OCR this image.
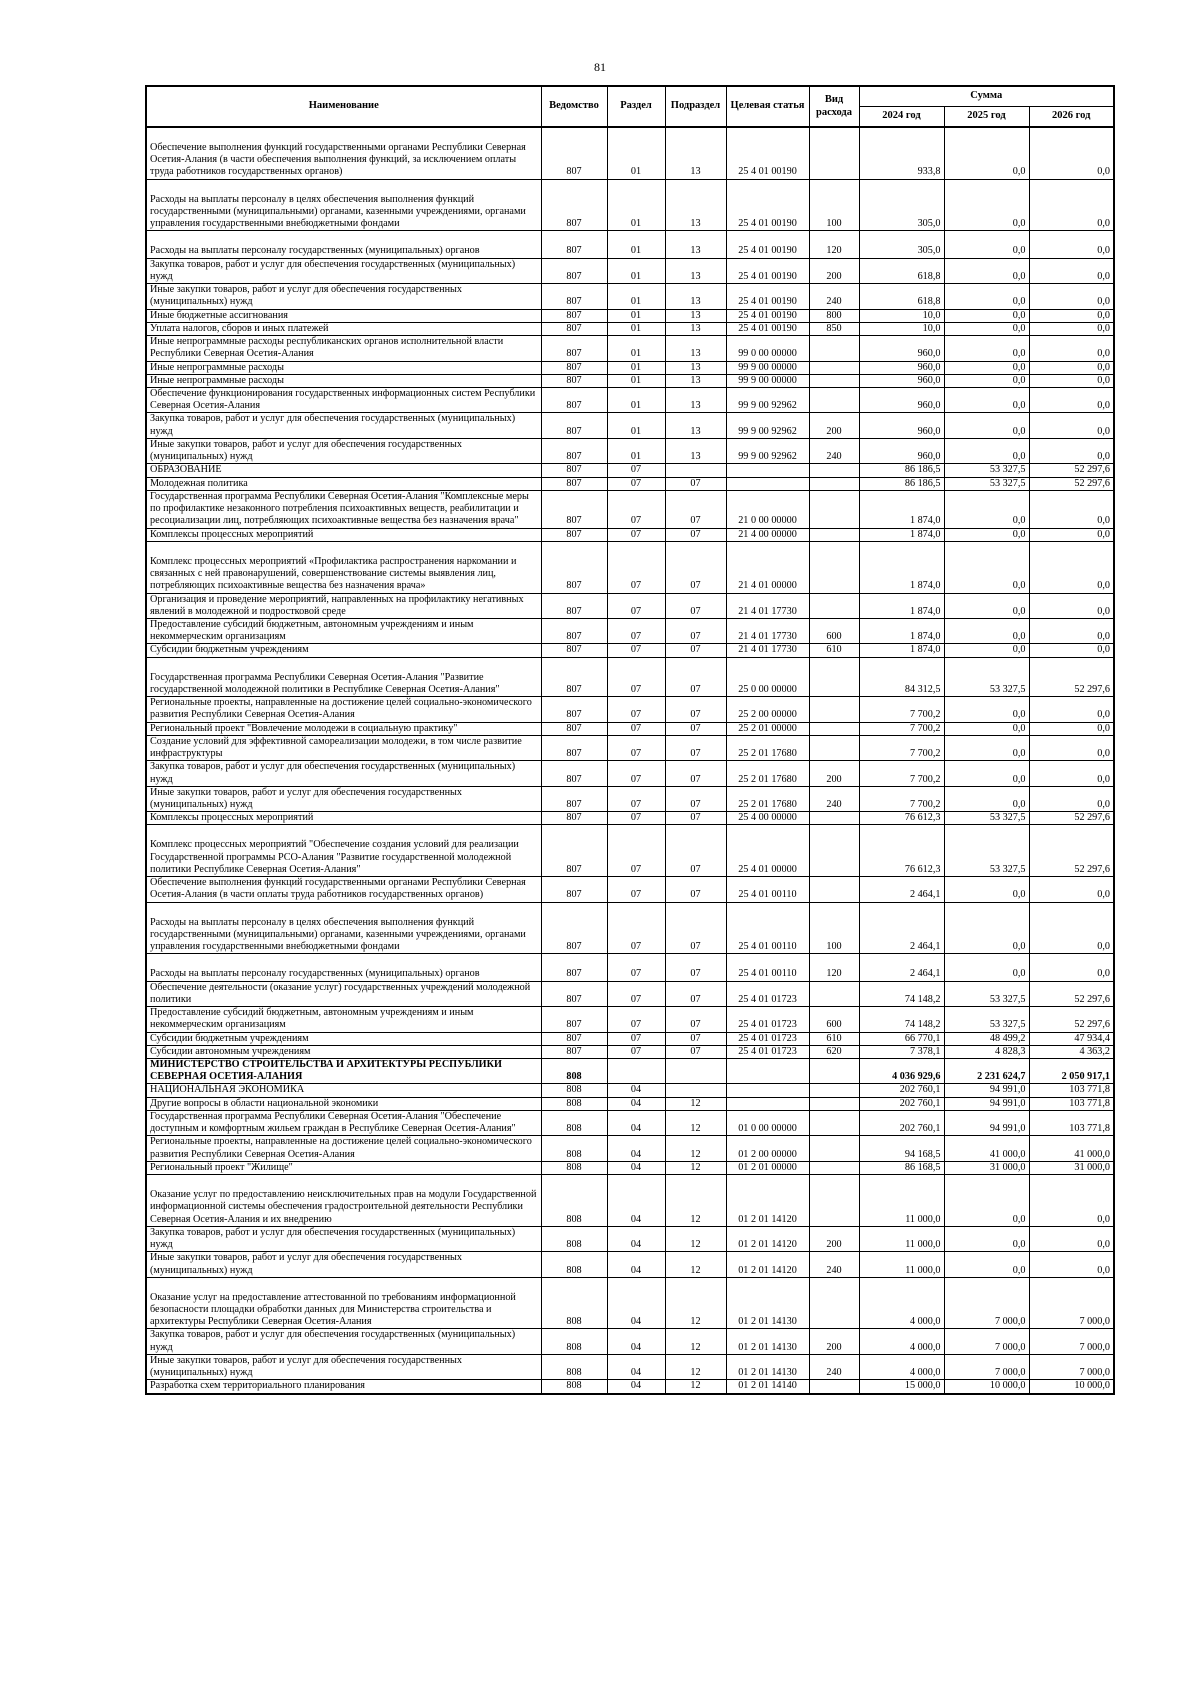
81
Наименование	Ведомство	Раздел	Подраздел	Целевая статья	Вид расхода	Сумма		
						2024 год	2025 год	2026 год
Обеспечение выполнения функций государственными органами Республики Северная Осетия-Алания (в части обеспечения выполнения функций, за исключением оплаты труда работников государственных органов)	807	01	13	25 4 01 00190		933,8	0,0	0,0
Расходы на выплаты персоналу в целях обеспечения выполнения функций государственными (муниципальными) органами, казенными учреждениями, органами управления государственными внебюджетными фондами	807	01	13	25 4 01 00190	100	305,0	0,0	0,0
Расходы на выплаты персоналу государственных (муниципальных) органов	807	01	13	25 4 01 00190	120	305,0	0,0	0,0
Закупка товаров, работ и услуг для обеспечения государственных (муниципальных) нужд	807	01	13	25 4 01 00190	200	618,8	0,0	0,0
Иные закупки товаров, работ и услуг для обеспечения государственных (муниципальных) нужд	807	01	13	25 4 01 00190	240	618,8	0,0	0,0
Иные бюджетные ассигнования	807	01	13	25 4 01 00190	800	10,0	0,0	0,0
Уплата налогов, сборов и иных платежей	807	01	13	25 4 01 00190	850	10,0	0,0	0,0
Иные непрограммные расходы республиканских органов исполнительной власти Республики Северная Осетия-Алания	807	01	13	99 0 00 00000		960,0	0,0	0,0
Иные непрограммные расходы	807	01	13	99 9 00 00000		960,0	0,0	0,0
Иные непрограммные расходы	807	01	13	99 9 00 00000		960,0	0,0	0,0
Обеспечение функционирования государственных информационных систем Республики Северная Осетия-Алания	807	01	13	99 9 00 92962		960,0	0,0	0,0
Закупка товаров, работ и услуг для обеспечения государственных (муниципальных) нужд	807	01	13	99 9 00 92962	200	960,0	0,0	0,0
Иные закупки товаров, работ и услуг для обеспечения государственных (муниципальных) нужд	807	01	13	99 9 00 92962	240	960,0	0,0	0,0
ОБРАЗОВАНИЕ	807	07				86 186,5	53 327,5	52 297,6
Молодежная политика	807	07	07			86 186,5	53 327,5	52 297,6
Государственная программа Республики Северная Осетия-Алания "Комплексные меры по профилактике незаконного потребления психоактивных веществ, реабилитации и ресоциализации лиц, потребляющих психоактивные вещества без назначения врача"	807	07	07	21 0 00 00000		1 874,0	0,0	0,0
Комплексы процессных мероприятий	807	07	07	21 4 00 00000		1 874,0	0,0	0,0
Комплекс процессных мероприятий «Профилактика распространения наркомании и связанных с ней правонарушений, совершенствование системы выявления лиц, потребляющих психоактивные вещества без назначения врача»	807	07	07	21 4 01 00000		1 874,0	0,0	0,0
Организация и проведение мероприятий, направленных на профилактику негативных явлений в молодежной и подростковой среде	807	07	07	21 4 01 17730		1 874,0	0,0	0,0
Предоставление субсидий бюджетным, автономным учреждениям и иным некоммерческим организациям	807	07	07	21 4 01 17730	600	1 874,0	0,0	0,0
Субсидии бюджетным учреждениям	807	07	07	21 4 01 17730	610	1 874,0	0,0	0,0
Государственная программа Республики Северная Осетия-Алания "Развитие государственной молодежной политики в Республике Северная Осетия-Алания"	807	07	07	25 0 00 00000		84 312,5	53 327,5	52 297,6
Региональные проекты, направленные на достижение целей социально-экономического развития Республики Северная Осетия-Алания	807	07	07	25 2 00 00000		7 700,2	0,0	0,0
Региональный проект "Вовлечение молодежи в социальную практику"	807	07	07	25 2 01 00000		7 700,2	0,0	0,0
Создание условий для эффективной самореализации молодежи, в том числе развитие инфраструктуры	807	07	07	25 2 01 17680		7 700,2	0,0	0,0
Закупка товаров, работ и услуг для обеспечения государственных (муниципальных) нужд	807	07	07	25 2 01 17680	200	7 700,2	0,0	0,0
Иные закупки товаров, работ и услуг для обеспечения государственных (муниципальных) нужд	807	07	07	25 2 01 17680	240	7 700,2	0,0	0,0
Комплексы процессных мероприятий	807	07	07	25 4 00 00000		76 612,3	53 327,5	52 297,6
Комплекс процессных мероприятий "Обеспечение создания условий для реализации Государственной программы РСО-Алания "Развитие государственной молодежной политики Республике Северная Осетия-Алания"	807	07	07	25 4 01 00000		76 612,3	53 327,5	52 297,6
Обеспечение выполнения функций государственными органами Республики Северная Осетия-Алания (в части оплаты труда работников государственных органов)	807	07	07	25 4 01 00110		2 464,1	0,0	0,0
Расходы на выплаты персоналу в целях обеспечения выполнения функций государственными (муниципальными) органами, казенными учреждениями, органами управления государственными внебюджетными фондами	807	07	07	25 4 01 00110	100	2 464,1	0,0	0,0
Расходы на выплаты персоналу государственных (муниципальных) органов	807	07	07	25 4 01 00110	120	2 464,1	0,0	0,0
Обеспечение деятельности (оказание услуг) государственных учреждений молодежной политики	807	07	07	25 4 01 01723		74 148,2	53 327,5	52 297,6
Предоставление субсидий бюджетным, автономным учреждениям и иным некоммерческим организациям	807	07	07	25 4 01 01723	600	74 148,2	53 327,5	52 297,6
Субсидии бюджетным учреждениям	807	07	07	25 4 01 01723	610	66 770,1	48 499,2	47 934,4
Субсидии автономным учреждениям	807	07	07	25 4 01 01723	620	7 378,1	4 828,3	4 363,2
МИНИСТЕРСТВО СТРОИТЕЛЬСТВА И АРХИТЕКТУРЫ РЕСПУБЛИКИ СЕВЕРНАЯ ОСЕТИЯ-АЛАНИЯ	808					4 036 929,6	2 231 624,7	2 050 917,1
НАЦИОНАЛЬНАЯ ЭКОНОМИКА	808	04				202 760,1	94 991,0	103 771,8
Другие вопросы в области национальной экономики	808	04	12			202 760,1	94 991,0	103 771,8
Государственная программа Республики Северная Осетия-Алания "Обеспечение доступным и комфортным жильем граждан в Республике Северная Осетия-Алания"	808	04	12	01 0 00 00000		202 760,1	94 991,0	103 771,8
Региональные проекты, направленные на достижение целей социально-экономического развития Республики Северная Осетия-Алания	808	04	12	01 2 00 00000		94 168,5	41 000,0	41 000,0
Региональный проект "Жилище"	808	04	12	01 2 01 00000		86 168,5	31 000,0	31 000,0
Оказание услуг по предоставлению неисключительных прав на модули Государственной информационной системы обеспечения градостроительной деятельности Республики Северная Осетия-Алания и их внедрению	808	04	12	01 2 01 14120		11 000,0	0,0	0,0
Закупка товаров, работ и услуг для обеспечения государственных (муниципальных) нужд	808	04	12	01 2 01 14120	200	11 000,0	0,0	0,0
Иные закупки товаров, работ и услуг для обеспечения государственных (муниципальных) нужд	808	04	12	01 2 01 14120	240	11 000,0	0,0	0,0
Оказание услуг на предоставление аттестованной по требованиям информационной безопасности площадки обработки данных для Министерства строительства и архитектуры Республики Северная Осетия-Алания	808	04	12	01 2 01 14130		4 000,0	7 000,0	7 000,0
Закупка товаров, работ и услуг для обеспечения государственных (муниципальных) нужд	808	04	12	01 2 01 14130	200	4 000,0	7 000,0	7 000,0
Иные закупки товаров, работ и услуг для обеспечения государственных (муниципальных) нужд	808	04	12	01 2 01 14130	240	4 000,0	7 000,0	7 000,0
Разработка схем территориального планирования	808	04	12	01 2 01 14140		15 000,0	10 000,0	10 000,0
